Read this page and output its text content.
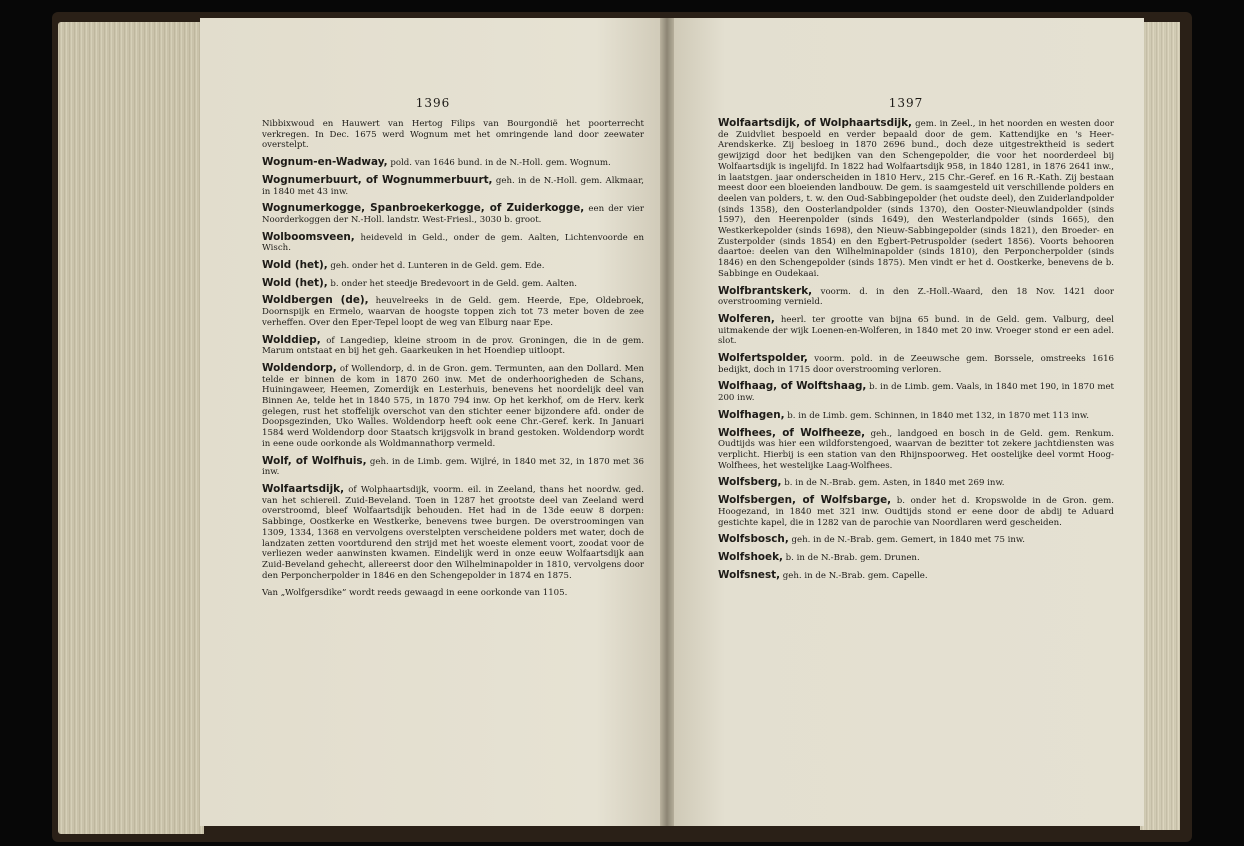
1396

Nibbixwoud en Hauwert van Hertog Filips van Bourgondië het poorterrecht verkregen. In Dec. 1675 werd Wognum met het omringende land door zeewater overstelpt.

Wognum-en-Wadway, pold. van 1646 bund. in de N.-Holl. gem. Wognum.

Wognumerbuurt, of Wognummerbuurt, geh. in de N.-Holl. gem. Alkmaar, in 1840 met 43 inw.

Wognumerkogge, Spanbroekerkogge, of Zuiderkogge, een der vier Noorderkoggen der N.-Holl. landstr. West-Friesl., 3030 b. groot.

Wolboomsveen, heideveld in Geld., onder de gem. Aalten, Lichtenvoorde en Wisch.

Wold (het), geh. onder het d. Lunteren in de Geld. gem. Ede.

Wold (het), b. onder het steedje Bredevoort in de Geld. gem. Aalten.

Woldbergen (de), heuvelreeks in de Geld. gem. Heerde, Epe, Oldebroek, Doornspijk en Ermelo, waarvan de hoogste toppen zich tot 73 meter boven de zee verheffen. Over den Eper-Tepel loopt de weg van Elburg naar Epe.

Wolddiep, of Langediep, kleine stroom in de prov. Groningen, die in de gem. Marum ontstaat en bij het geh. Gaarkeuken in het Hoendiep uitloopt.

Woldendorp, of Wollendorp, d. in de Gron. gem. Termunten, aan den Dollard. Men telde er binnen de kom in 1870 260 inw. Met de onderhoorigheden de Schans, Huiningaweer, Heemen, Zomerdijk en Lesterhuis, benevens het noordelijk deel van Binnen Ae, telde het in 1840 575, in 1870 794 inw. Op het kerkhof, om de Herv. kerk gelegen, rust het stoffelijk overschot van den stichter eener bijzondere afd. onder de Doopsgezinden, Uko Walles. Woldendorp heeft ook eene Chr.-Geref. kerk. In Januari 1584 werd Woldendorp door Staatsch krijgsvolk in brand gestoken. Woldendorp wordt in eene oude oorkonde als Woldmannathorp vermeld.

Wolf, of Wolfhuis, geh. in de Limb. gem. Wijlré, in 1840 met 32, in 1870 met 36 inw.

Wolfaartsdijk, of Wolphaartsdijk, voorm. eil. in Zeeland, thans het noordw. ged. van het schiereil. Zuid-Beveland. Toen in 1287 het grootste deel van Zeeland werd overstroomd, bleef Wolfaartsdijk behouden. Het had in de 13de eeuw 8 dorpen: Sabbinge, Oostkerke en Westkerke, benevens twee burgen. De overstroomingen van 1309, 1334, 1368 en vervolgens overstelpten verscheidene polders met water, doch de landzaten zetten voortdurend den strijd met het woeste element voort, zoodat voor de verliezen weder aanwinsten kwamen. Eindelijk werd in onze eeuw Wolfaartsdijk aan Zuid-Beveland gehecht, allereerst door den Wilhelminapolder in 1810, vervolgens door den Perponcherpolder in 1846 en den Schengepolder in 1874 en 1875.

Van „Wolfgersdike” wordt reeds gewaagd in eene oorkonde van 1105.

1397

Wolfaartsdijk, of Wolphaartsdijk, gem. in Zeel., in het noorden en westen door de Zuidvliet bespoeld en verder bepaald door de gem. Kattendijke en 's Heer-Arendskerke. Zij besloeg in 1870 2696 bund., doch deze uitgestrektheid is sedert gewijzigd door het bedijken van den Schengepolder, die voor het noorderdeel bij Wolfaartsdijk is ingelijfd. In 1822 had Wolfaartsdijk 958, in 1840 1281, in 1876 2641 inw., in laatstgen. jaar onderscheiden in 1810 Herv., 215 Chr.-Geref. en 16 R.-Kath. Zij bestaan meest door een bloeienden landbouw. De gem. is saamgesteld uit verschillende polders en deelen van polders, t. w. den Oud-Sabbingepolder (het oudste deel), den Zuiderlandpolder (sinds 1358), den Oosterlandpolder (sinds 1370), den Ooster-Nieuwlandpolder (sinds 1597), den Heerenpolder (sinds 1649), den Westerlandpolder (sinds 1665), den Westkerkepolder (sinds 1698), den Nieuw-Sabbingepolder (sinds 1821), den Broeder- en Zusterpolder (sinds 1854) en den Egbert-Petruspolder (sedert 1856). Voorts behooren daartoe: deelen van den Wilhelminapolder (sinds 1810), den Perponcherpolder (sinds 1846) en den Schengepolder (sinds 1875). Men vindt er het d. Oostkerke, benevens de b. Sabbinge en Oudekaai.

Wolfbrantskerk, voorm. d. in den Z.-Holl.-Waard, den 18 Nov. 1421 door overstrooming vernield.

Wolferen, heerl. ter grootte van bijna 65 bund. in de Geld. gem. Valburg, deel uitmakende der wijk Loenen-en-Wolferen, in 1840 met 20 inw. Vroeger stond er een adel. slot.

Wolfertspolder, voorm. pold. in de Zeeuwsche gem. Borssele, omstreeks 1616 bedijkt, doch in 1715 door overstrooming verloren.

Wolfhaag, of Wolftshaag, b. in de Limb. gem. Vaals, in 1840 met 190, in 1870 met 200 inw.

Wolfhagen, b. in de Limb. gem. Schinnen, in 1840 met 132, in 1870 met 113 inw.

Wolfhees, of Wolfheeze, geh., landgoed en bosch in de Geld. gem. Renkum. Oudtijds was hier een wildforstengoed, waarvan de bezitter tot zekere jachtdiensten was verplicht. Hierbij is een station van den Rhijnspoorweg. Het oostelijke deel vormt Hoog-Wolfhees, het westelijke Laag-Wolfhees.

Wolfsberg, b. in de N.-Brab. gem. Asten, in 1840 met 269 inw.

Wolfsbergen, of Wolfsbarge, b. onder het d. Kropswolde in de Gron. gem. Hoogezand, in 1840 met 321 inw. Oudtijds stond er eene door de abdij te Aduard gestichte kapel, die in 1282 van de parochie van Noordlaren werd gescheiden.

Wolfsbosch, geh. in de N.-Brab. gem. Gemert, in 1840 met 75 inw.

Wolfshoek, b. in de N.-Brab. gem. Drunen.

Wolfsnest, geh. in de N.-Brab. gem. Capelle.
